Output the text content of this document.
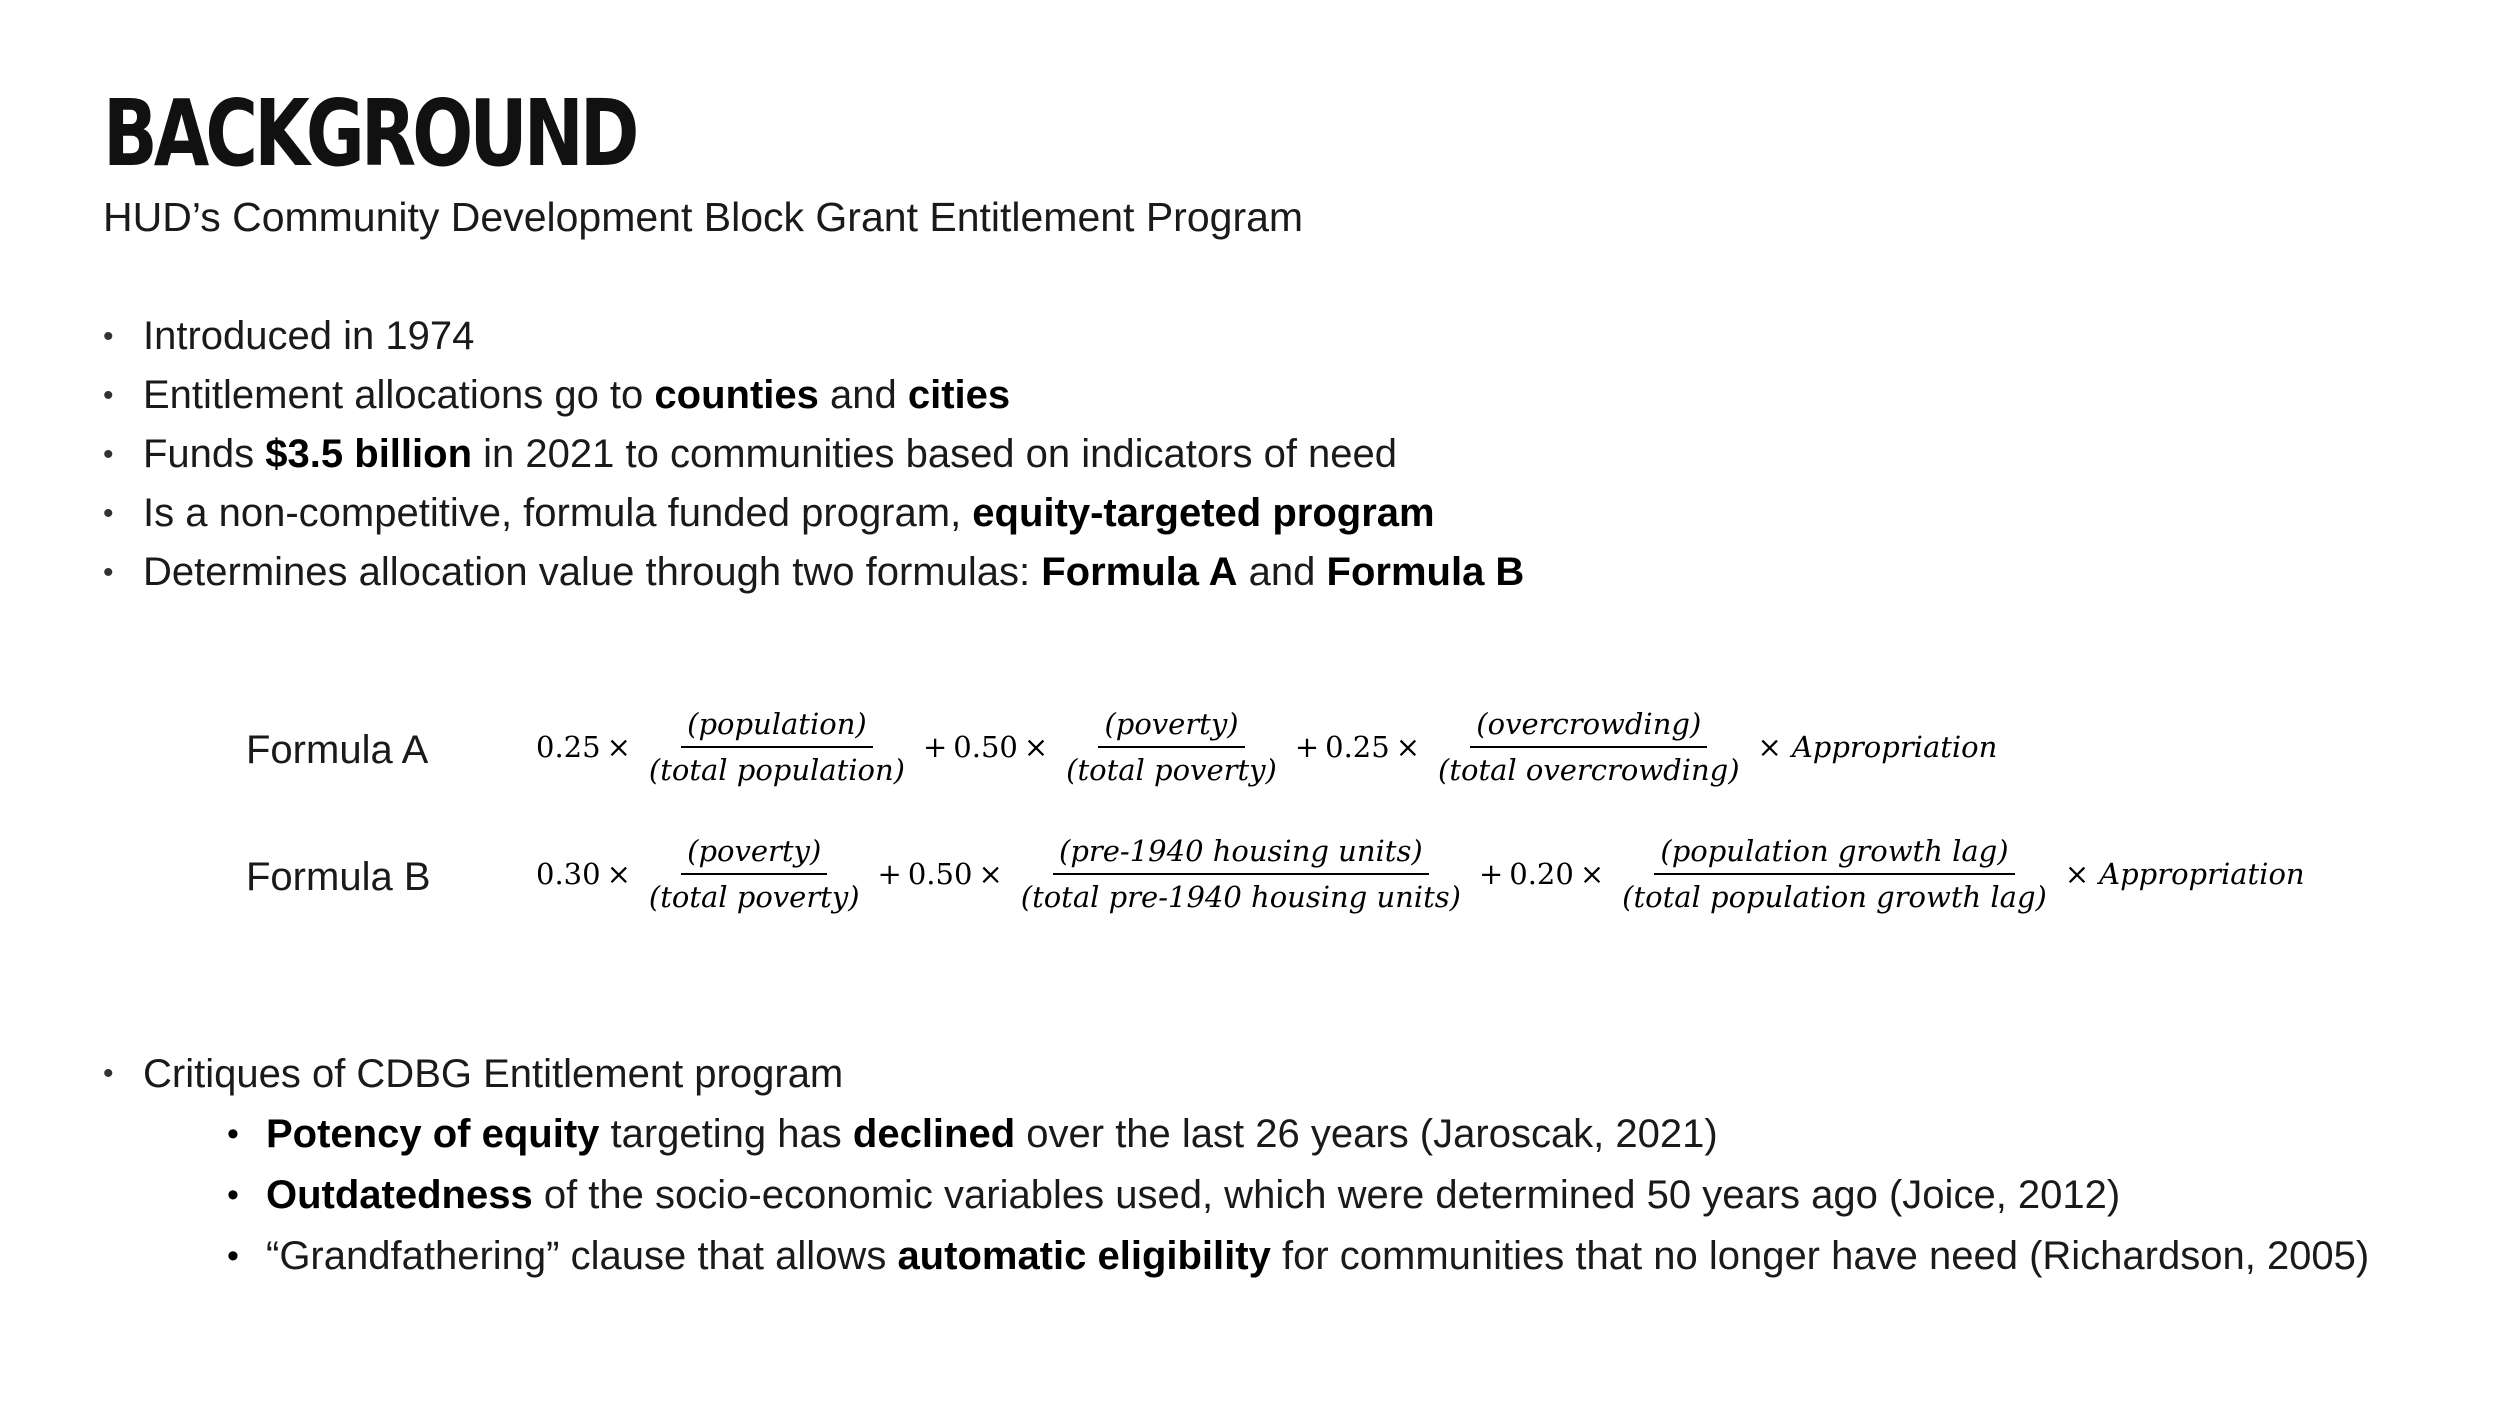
BACKGROUND
HUD’s Community Development Block Grant Entitlement Program
• Introduced in 1974
• Entitlement allocations go to counties and cities
• Funds $3.5 billion in 2021 to communities based on indicators of need
• Is a non-competitive, formula funded program, equity-targeted program
• Determines allocation value through two formulas: Formula A and Formula B
Formula A	$0.25 \times \frac{\text{(population)}}{\text{(total population)}} + 0.50 \times \frac{\text{(poverty)}}{\text{(total poverty)}} + 0.25 \times \frac{\text{(overcrowding)}}{\text{(total overcrowding)}}$ × Appropriation
Formula B	$0.30 \times \frac{\text{(poverty)}}{\text{(total poverty)}} + 0.50 \times \frac{\text{(pre-1940 housing units)}}{\text{(total pre-1940 housing units)}} + 0.20 \times \frac{\text{(population growth lag)}}{\text{(total population growth lag)}}$ × Appropriation
• Critiques of CDBG Entitlement program
• Potency of equity targeting has declined over the last 26 years (Jaroscak, 2021)
• Outdatedness of the socio-economic variables used, which were determined 50 years ago (Joice, 2012)
• “Grandfathering” clause that allows automatic eligibility for communities that no longer have need (Richardson, 2005)
